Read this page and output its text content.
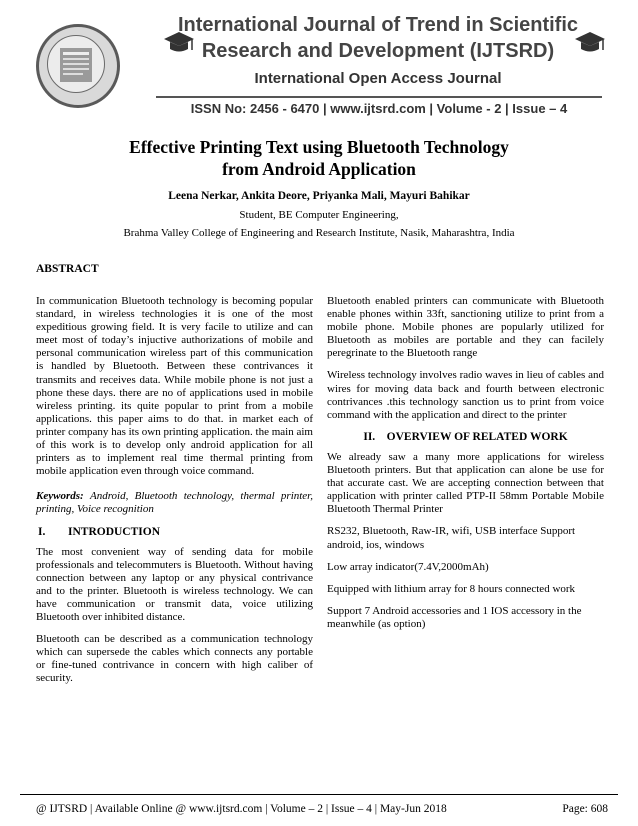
International Journal of Trend in Scientific
Research and Development (IJTSRD)
International Open Access Journal
ISSN No: 2456 - 6470 | www.ijtsrd.com | Volume - 2 | Issue – 4
Effective Printing Text using Bluetooth Technology
from Android Application
Leena Nerkar, Ankita Deore, Priyanka Mali, Mayuri Bahikar
Student, BE Computer Engineering,
Brahma Valley College of Engineering and Research Institute, Nasik, Maharashtra, India
ABSTRACT

In communication Bluetooth technology is becoming popular standard, in wireless technologies it is one of the most expeditious growing field. It is very facile to utilize and can meet most of today’s injuctive authorizations of mobile and personal communication wireless part of this communication is handled by Bluetooth. Between these contrivances it transmits and receives data. While mobile phone is not just a phone these days. there are no of applications used in mobile wireless printing. its quite popular to print from a mobile applications. this paper aims to do that. in market each of printer company has its own printing application. the main aim of this work is to develop only android application for all printers as to implement real time thermal printing from mobile application even through voice command.

Keywords: Android, Bluetooth technology, thermal printer, printing, Voice recognition

I. INTRODUCTION

The most convenient way of sending data for mobile professionals and telecommuters is Bluetooth. Without having connection between any laptop or any physical contrivance and to the printer. Bluetooth is wireless technology. We can have communication or transmit data, voice utilizing Bluetooth over inhibited distance.

Bluetooth can be described as a communication technology which can supersede the cables which connects any portable or fine-tuned contrivance in concern with high caliber of security.

Bluetooth enabled printers can communicate with Bluetooth enable phones within 33ft, sanctioning utilize to print from a mobile phone. Mobile phones are popularly utilized for Bluetooth as mobiles are portable and they can facilely peregrinate to the Bluetooth range

Wireless technology involves radio waves in lieu of cables and wires for moving data back and fourth between electronic contrivances .this technology sanction us to print from voice command with the application and direct to the printer

II. OVERVIEW OF RELATED WORK

We already saw a many more applications for wireless Bluetooth printers. But that application can alone be use for that accurate cast. We are accepting connection between that application with printer called PTP-II 58mm Portable Mobile Bluetooth Thermal Printer

RS232, Bluetooth, Raw-IR, wifi, USB interface Support android, ios, windows

Low array indicator(7.4V,2000mAh)

Equipped with lithium array for 8 hours connected work

Support 7 Android accessories and 1 IOS accessory in the meanwhile (as option)

@ IJTSRD | Available Online @ www.ijtsrd.com | Volume – 2 | Issue – 4 | May-Jun 2018	Page: 608
